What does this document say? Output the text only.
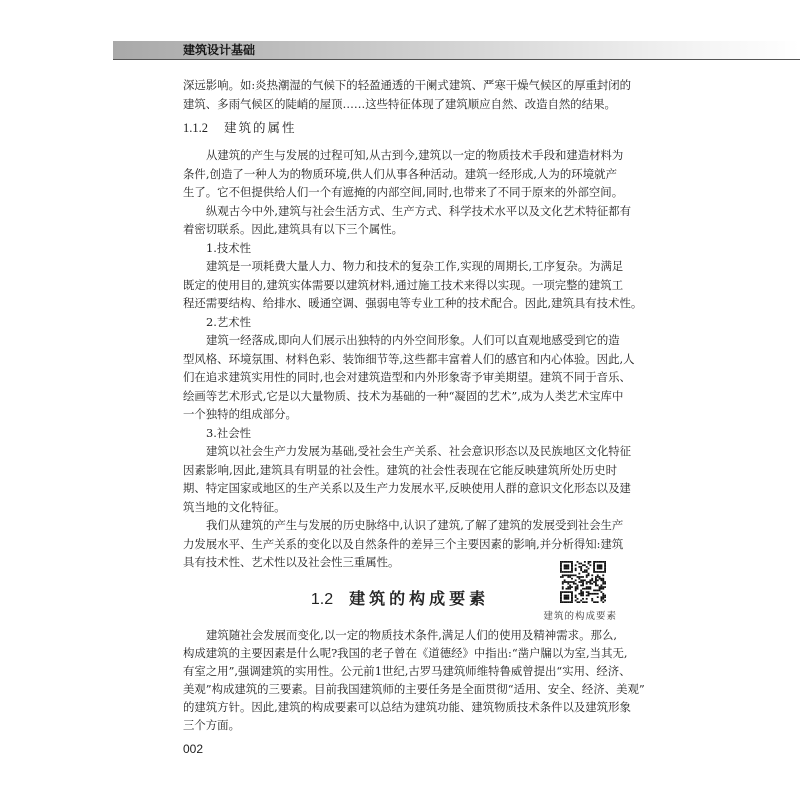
建筑设计基础
深远影响。如:炎热潮湿的气候下的轻盈通透的干阑式建筑、严寒干燥气候区的厚重封闭的
建筑、多雨气候区的陡峭的屋顶……这些特征体现了建筑顺应自然、改造自然的结果。
1.1.2 建筑的属性
从建筑的产生与发展的过程可知,从古到今,建筑以一定的物质技术手段和建造材料为
条件,创造了一种人为的物质环境,供人们从事各种活动。建筑一经形成,人为的环境就产
生了。它不但提供给人们一个有遮掩的内部空间,同时,也带来了不同于原来的外部空间。
纵观古今中外,建筑与社会生活方式、生产方式、科学技术水平以及文化艺术特征都有
着密切联系。因此,建筑具有以下三个属性。
1.技术性
建筑是一项耗费大量人力、物力和技术的复杂工作,实现的周期长,工序复杂。为满足
既定的使用目的,建筑实体需要以建筑材料,通过施工技术来得以实现。一项完整的建筑工
程还需要结构、给排水、暖通空调、强弱电等专业工种的技术配合。因此,建筑具有技术性。
2.艺术性
建筑一经落成,即向人们展示出独特的内外空间形象。人们可以直观地感受到它的造
型风格、环境氛围、材料色彩、装饰细节等,这些都丰富着人们的感官和内心体验。因此,人
们在追求建筑实用性的同时,也会对建筑造型和内外形象寄予审美期望。建筑不同于音乐、
绘画等艺术形式,它是以大量物质、技术为基础的一种“凝固的艺术”,成为人类艺术宝库中
一个独特的组成部分。
3.社会性
建筑以社会生产力发展为基础,受社会生产关系、社会意识形态以及民族地区文化特征
因素影响,因此,建筑具有明显的社会性。建筑的社会性表现在它能反映建筑所处历史时
期、特定国家或地区的生产关系以及生产力发展水平,反映使用人群的意识文化形态以及建
筑当地的文化特征。
我们从建筑的产生与发展的历史脉络中,认识了建筑,了解了建筑的发展受到社会生产
力发展水平、生产关系的变化以及自然条件的差异三个主要因素的影响,并分析得知:建筑
具有技术性、艺术性以及社会性三重属性。
1.2 建筑的构成要素
建筑的构成要素
建筑随社会发展而变化,以一定的物质技术条件,满足人们的使用及精神需求。那么,
构成建筑的主要因素是什么呢?我国的老子曾在《道德经》中指出:“凿户牖以为室,当其无,
有室之用”,强调建筑的实用性。公元前1世纪,古罗马建筑师维特鲁威曾提出“实用、经济、
美观”构成建筑的三要素。目前我国建筑师的主要任务是全面贯彻“适用、安全、经济、美观”
的建筑方针。因此,建筑的构成要素可以总结为建筑功能、建筑物质技术条件以及建筑形象
三个方面。
002
